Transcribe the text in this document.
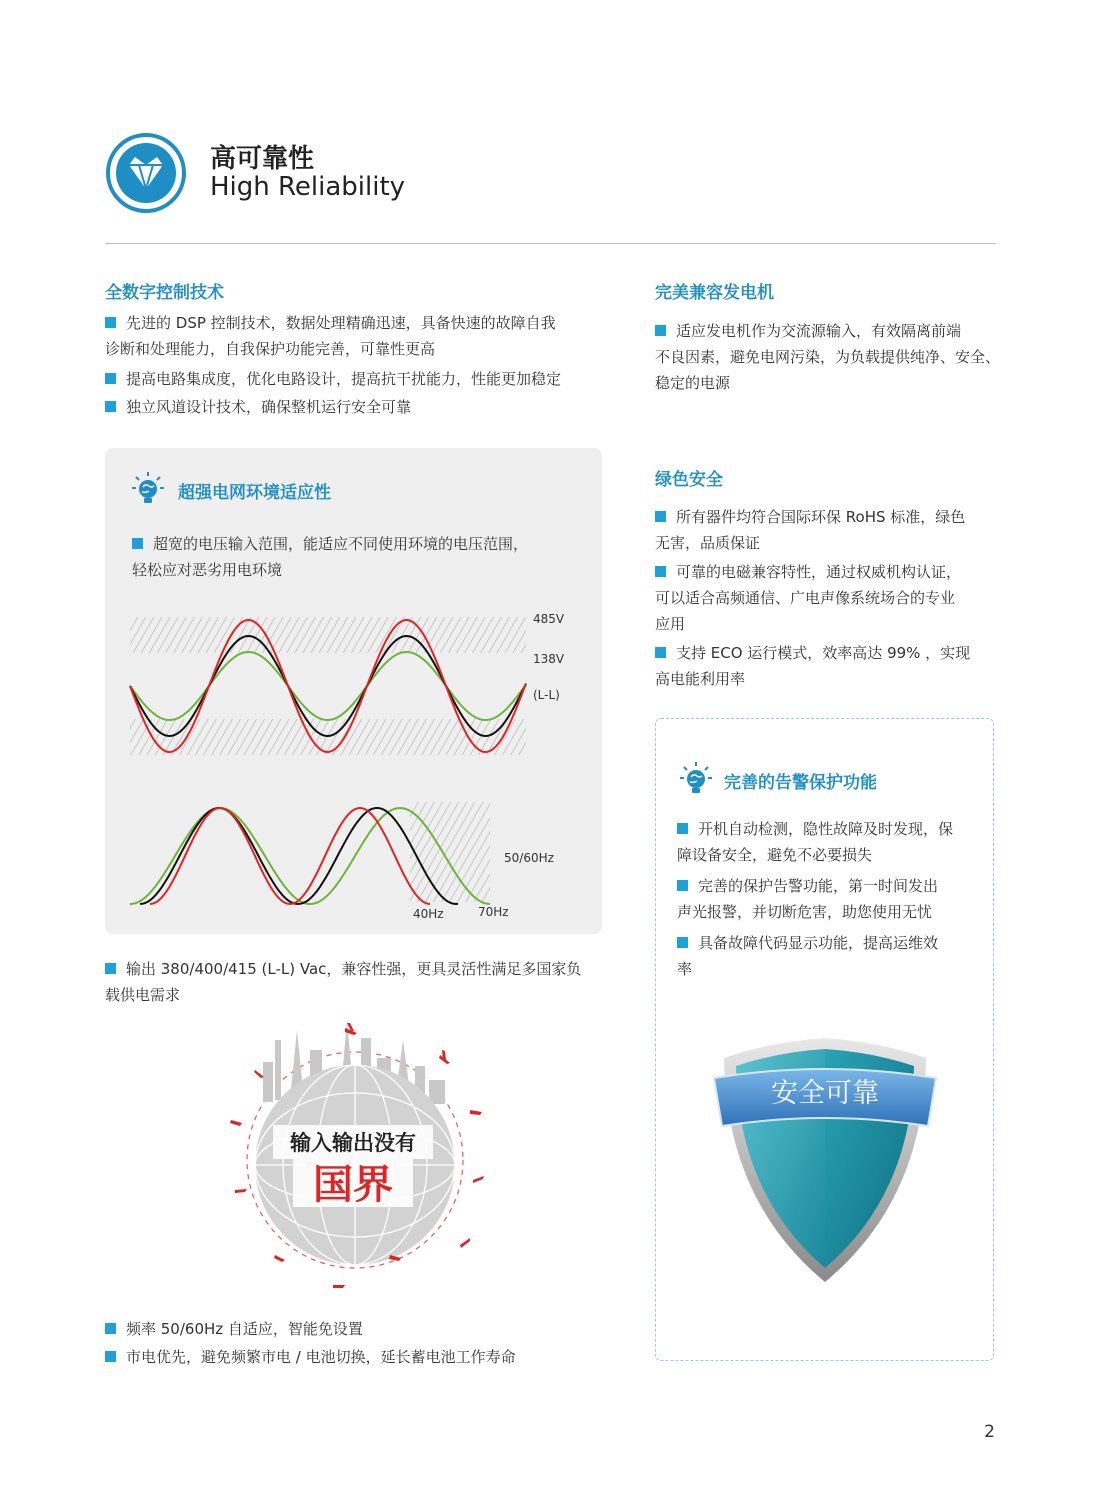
高可靠性
High Reliability
全数字控制技术
先进的 DSP 控制技术，数据处理精确迅速，具备快速的故障自我
诊断和处理能力，自我保护功能完善，可靠性更高
提高电路集成度，优化电路设计，提高抗干扰能力，性能更加稳定
独立风道设计技术，确保整机运行安全可靠
超强电网环境适应性
超宽的电压输入范围，能适应不同使用环境的电压范围，
轻松应对恶劣用电环境
485V
138V
(L-L)
50/60Hz
40Hz	70Hz
输出 380/400/415 (L-L) Vac，兼容性强，更具灵活性满足多国家负
载供电需求
输入输出没有
国界
频率 50/60Hz 自适应，智能免设置
市电优先，避免频繁市电 / 电池切换，延长蓄电池工作寿命
完美兼容发电机
适应发电机作为交流源输入，有效隔离前端
不良因素，避免电网污染，为负载提供纯净、安全、
稳定的电源
绿色安全
所有器件均符合国际环保 RoHS 标准，绿色
无害，品质保证
可靠的电磁兼容特性，通过权威机构认证，
可以适合高频通信、广电声像系统场合的专业
应用
支持 ECO 运行模式，效率高达 99% ，实现
高电能利用率
完善的告警保护功能
开机自动检测，隐性故障及时发现，保
障设备安全，避免不必要损失
完善的保护告警功能，第一时间发出
声光报警，并切断危害，助您使用无忧
具备故障代码显示功能，提高运维效
率
安全可靠
2
